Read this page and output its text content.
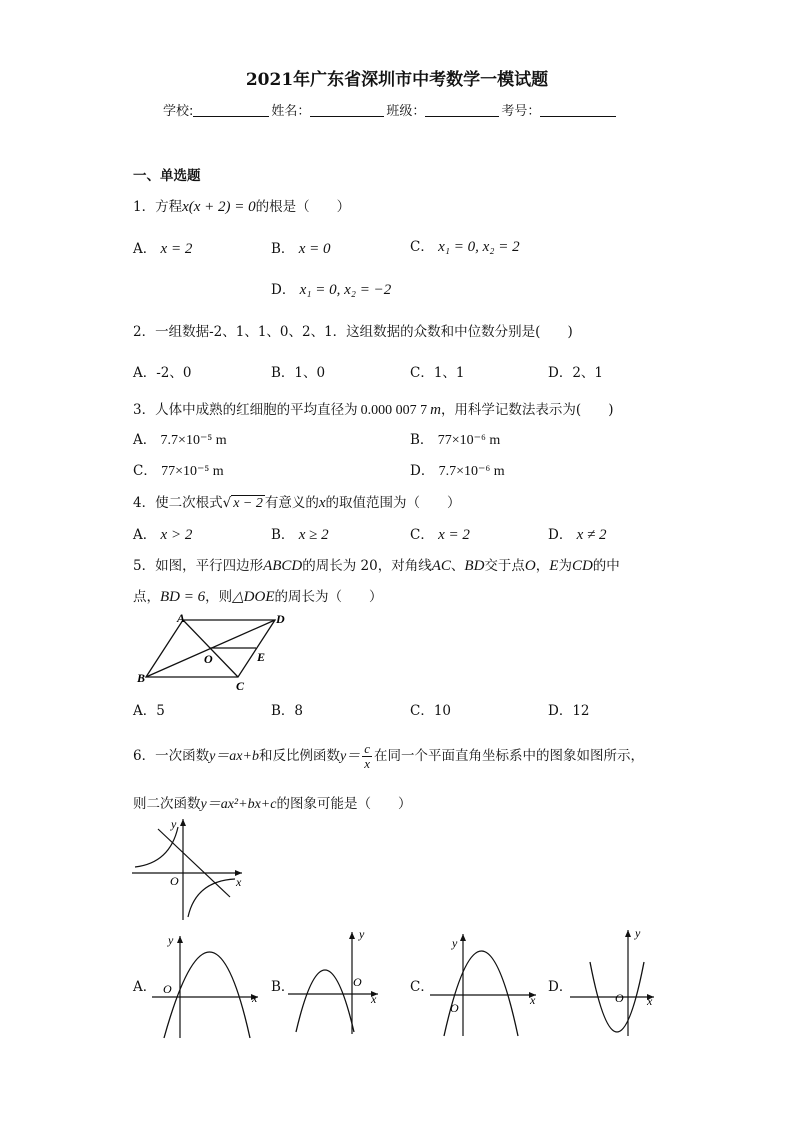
2021年广东省深圳市中考数学一模试题
学校:	姓名：	班级：	考号：
一、单选题
1．方程x(x + 2) = 0的根是（　　）
A． x = 2	B． x = 0	C． x₁ = 0, x₂ = 2
D． x₁ = 0, x₂ = −2
2．一组数据-2、1、1、0、2、1．这组数据的众数和中位数分别是(　　)
A．-2、0	B．1、0	C．1、1	D．2、1
3．人体中成熟的红细胞的平均直径为 0.000 007 7 m，用科学记数法表示为(　　)
A． 7.7×10⁻⁵ m	B． 77×10⁻⁶ m
C． 77×10⁻⁵ m	D． 7.7×10⁻⁶ m
4．使二次根式√ x − 2 有意义的x的取值范围为（　　）
A． x > 2	B． x ≥ 2	C． x = 2	D． x ≠ 2
5．如图，平行四边形ABCD的周长为 20，对角线AC、BD交于点O，E为CD的中
点，BD = 6，则△DOE的周长为（　　）
A	D
B
C
O	E
A．5	B．8	C．10	D．12
6．一次函数y＝ax+b和反比例函数$y= \frac{c}{x}$ 在同一个平面直角坐标系中的图象如图所示，
则二次函数y＝ax²+bx+c的图象可能是（　　）
x
y
O
A．
x
y
O	B．
x
y
O	C．
x
y
O
D．
x
y
O
